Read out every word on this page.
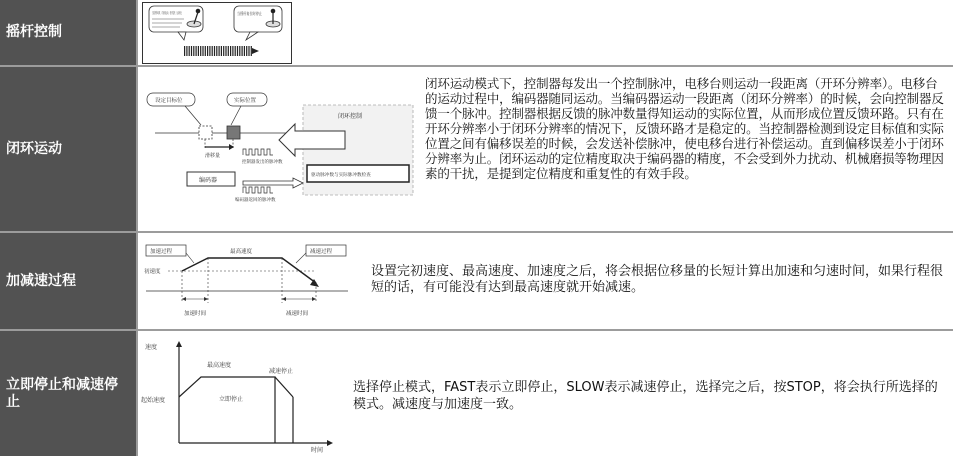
摇杆控制
当摇杆复位时停止
闭环运动
闭环控制
设定目标位	实际位置
滑移量
控制器发出的脉冲数
驱动脉冲数与实际脉冲数检查
编码器
编码器返回的脉冲数
闭环运动模式下，控制器每发出一个控制脉冲，电移台则运动一段距离（开环分辨率）。电移台的运动过程中，编码器随同运动。当编码器运动一段距离（闭环分辨率）的时候，会向控制器反馈一个脉冲。控制器根据反馈的脉冲数量得知运动的实际位置，从而形成位置反馈环路。只有在开环分辨率小于闭环分辨率的情况下，反馈环路才是稳定的。当控制器检测到设定目标值和实际位置之间有偏移误差的时候，会发送补偿脉冲，使电移台进行补偿运动。直到偏移误差小于闭环分辨率为止。闭环运动的定位精度取决于编码器的精度，不会受到外力扰动、机械磨损等物理因素的干扰，是提到定位精度和重复性的有效手段。
加减速过程
加速过程	最高速度	减速过程
初速度
加速时间	减速时间
设置完初速度、最高速度、加速度之后，将会根据位移量的长短计算出加速和匀速时间，如果行程很短的话，有可能没有达到最高速度就开始减速。
立即停止和减速停止
速度
时间
最高速度
减速停止
起始速度	立即停止
选择停止模式，FAST表示立即停止，SLOW表示减速停止，选择完之后，按STOP，将会执行所选择的模式。减速度与加速度一致。
